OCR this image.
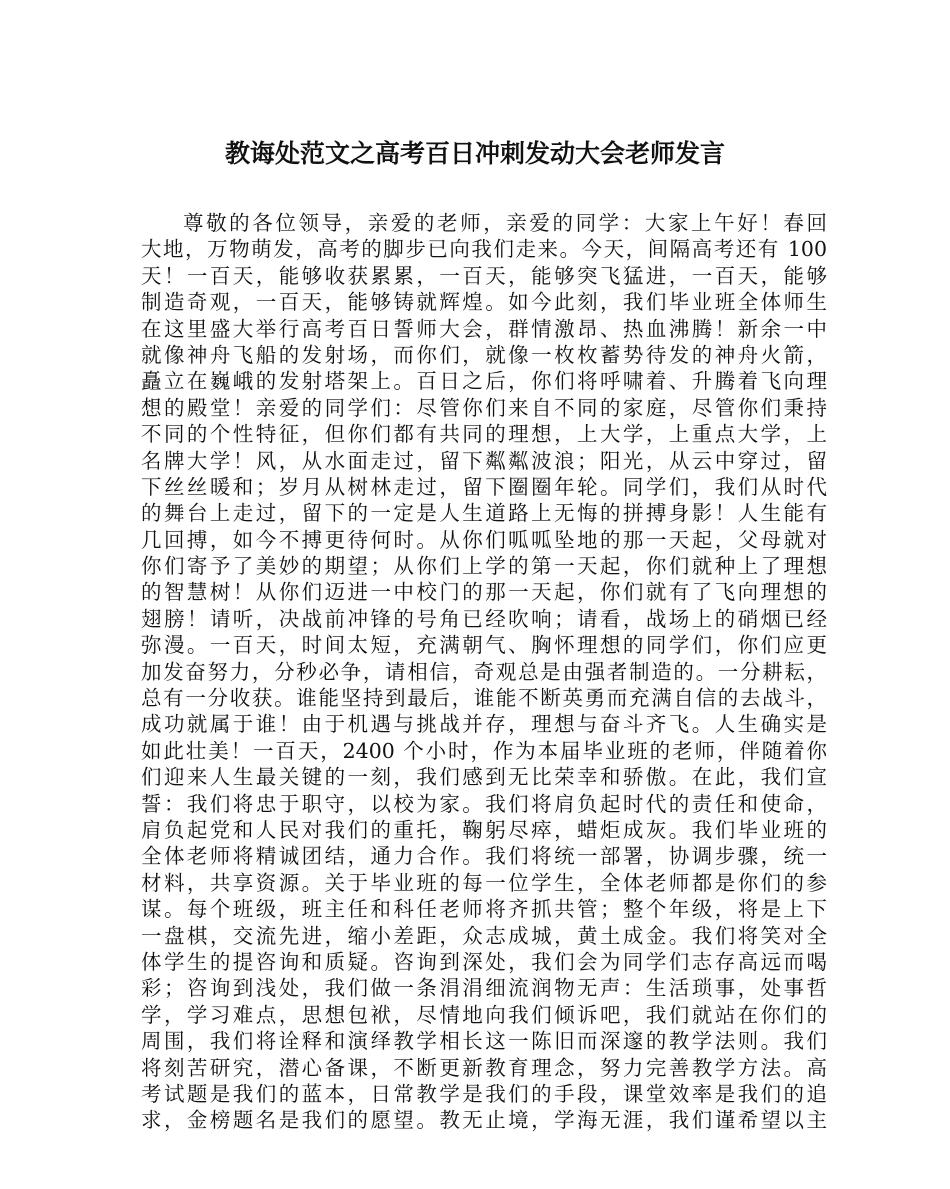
教诲处范文之高考百日冲刺发动大会老师发言
尊敬的各位领导，亲爱的老师，亲爱的同学：大家上午好！春回
大地，万物萌发，高考的脚步已向我们走来。今天，间隔高考还有 100
天！一百天，能够收获累累，一百天，能够突飞猛进，一百天，能够
制造奇观，一百天，能够铸就辉煌。如今此刻，我们毕业班全体师生
在这里盛大举行高考百日誓师大会，群情激昂、热血沸腾！新余一中
就像神舟飞船的发射场，而你们，就像一枚枚蓄势待发的神舟火箭，
矗立在巍峨的发射塔架上。百日之后，你们将呼啸着、升腾着飞向理
想的殿堂！亲爱的同学们：尽管你们来自不同的家庭，尽管你们秉持
不同的个性特征，但你们都有共同的理想，上大学，上重点大学，上
名牌大学！风，从水面走过，留下粼粼波浪；阳光，从云中穿过，留
下丝丝暖和；岁月从树林走过，留下圈圈年轮。同学们，我们从时代
的舞台上走过，留下的一定是人生道路上无悔的拼搏身影！人生能有
几回搏，如今不搏更待何时。从你们呱呱坠地的那一天起，父母就对
你们寄予了美妙的期望；从你们上学的第一天起，你们就种上了理想
的智慧树！从你们迈进一中校门的那一天起，你们就有了飞向理想的
翅膀！请听，决战前冲锋的号角已经吹响；请看，战场上的硝烟已经
弥漫。一百天，时间太短，充满朝气、胸怀理想的同学们，你们应更
加发奋努力，分秒必争，请相信，奇观总是由强者制造的。一分耕耘，
总有一分收获。谁能坚持到最后，谁能不断英勇而充满自信的去战斗，
成功就属于谁！由于机遇与挑战并存，理想与奋斗齐飞。人生确实是
如此壮美！一百天，2400 个小时，作为本届毕业班的老师，伴随着你
们迎来人生最关键的一刻，我们感到无比荣幸和骄傲。在此，我们宣
誓：我们将忠于职守，以校为家。我们将肩负起时代的责任和使命，
肩负起党和人民对我们的重托，鞠躬尽瘁，蜡炬成灰。我们毕业班的
全体老师将精诚团结，通力合作。我们将统一部署，协调步骤，统一
材料，共享资源。关于毕业班的每一位学生，全体老师都是你们的参
谋。每个班级，班主任和科任老师将齐抓共管；整个年级，将是上下
一盘棋，交流先进，缩小差距，众志成城，黄土成金。我们将笑对全
体学生的提咨询和质疑。咨询到深处，我们会为同学们志存高远而喝
彩；咨询到浅处，我们做一条涓涓细流润物无声：生活琐事，处事哲
学，学习难点，思想包袱，尽情地向我们倾诉吧，我们就站在你们的
周围，我们将诠释和演绎教学相长这一陈旧而深邃的教学法则。我们
将刻苦研究，潜心备课，不断更新教育理念，努力完善教学方法。高
考试题是我们的蓝本，日常教学是我们的手段，课堂效率是我们的追
求，金榜题名是我们的愿望。教无止境，学海无涯，我们谨希望以主
